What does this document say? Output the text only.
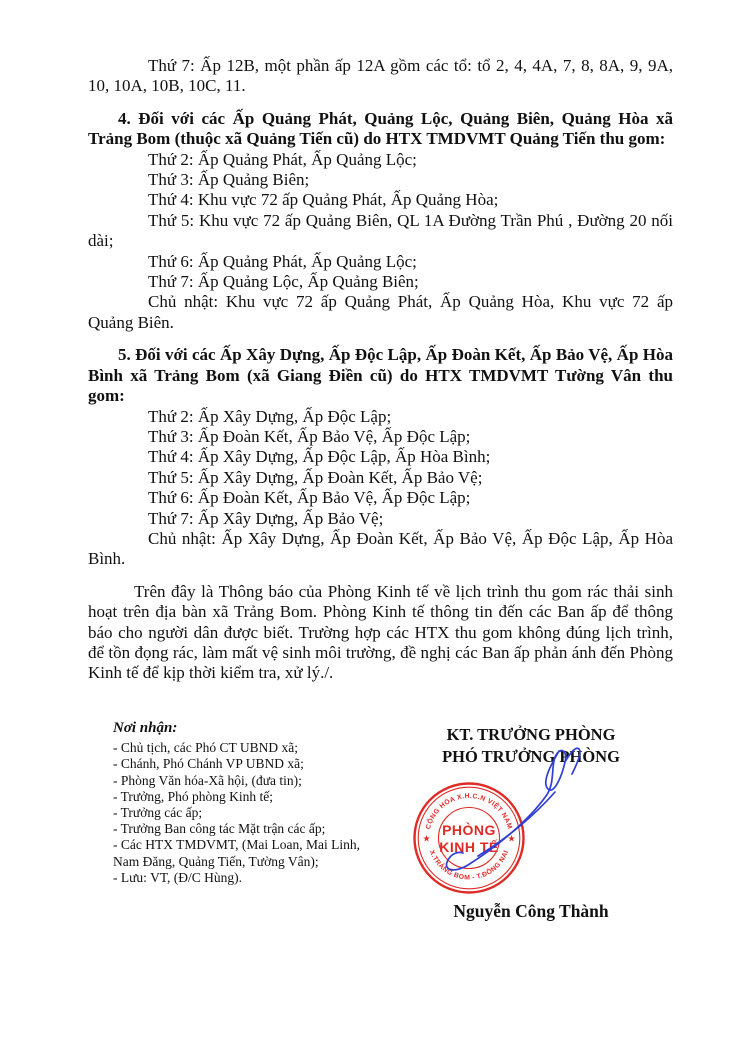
Thứ 7: Ấp 12B, một phần ấp 12A gồm các tổ: tổ 2, 4, 4A, 7, 8, 8A, 9, 9A, 10, 10A, 10B, 10C, 11.

4. Đối với các Ấp Quảng Phát, Quảng Lộc, Quảng Biên, Quảng Hòa xã Trảng Bom (thuộc xã Quảng Tiến cũ) do HTX TMDVMT Quảng Tiến thu gom:

Thứ 2: Ấp Quảng Phát, Ấp Quảng Lộc;

Thứ 3: Ấp Quảng Biên;

Thứ 4: Khu vực 72 ấp Quảng Phát, Ấp Quảng Hòa;

Thứ 5: Khu vực 72 ấp Quảng Biên, QL 1A Đường Trần Phú , Đường 20 nối dài;

Thứ 6: Ấp Quảng Phát, Ấp Quảng Lộc;

Thứ 7: Ấp Quảng Lộc, Ấp Quảng Biên;

Chủ nhật: Khu vực 72 ấp Quảng Phát, Ấp Quảng Hòa, Khu vực 72 ấp Quảng Biên.

5. Đối với các Ấp Xây Dựng, Ấp Độc Lập, Ấp Đoàn Kết, Ấp Bảo Vệ, Ấp Hòa Bình xã Trảng Bom (xã Giang Điền cũ) do HTX TMDVMT Tường Vân thu gom:

Thứ 2: Ấp Xây Dựng, Ấp Độc Lập;

Thứ 3: Ấp Đoàn Kết, Ấp Bảo Vệ, Ấp Độc Lập;

Thứ 4: Ấp Xây Dựng, Ấp Độc Lập, Ấp Hòa Bình;

Thứ 5: Ấp Xây Dựng, Ấp Đoàn Kết, Ấp Bảo Vệ;

Thứ 6: Ấp Đoàn Kết, Ấp Bảo Vệ, Ấp Độc Lập;

Thứ 7: Ấp Xây Dựng, Ấp Bảo Vệ;

Chủ nhật: Ấp Xây Dựng, Ấp Đoàn Kết, Ấp Bảo Vệ, Ấp Độc Lập, Ấp Hòa Bình.

Trên đây là Thông báo của Phòng Kinh tế về lịch trình thu gom rác thải sinh hoạt trên địa bàn xã Trảng Bom. Phòng Kinh tế thông tin đến các Ban ấp để thông báo cho người dân được biết. Trường hợp các HTX thu gom không đúng lịch trình, để tồn đọng rác, làm mất vệ sinh môi trường, đề nghị các Ban ấp phản ánh đến Phòng Kinh tế để kịp thời kiểm tra, xử lý./.

Nơi nhận:
- Chủ tịch, các Phó CT UBND xã;
- Chánh, Phó Chánh VP UBND xã;
- Phòng Văn hóa-Xã hội, (đưa tin);
- Trưởng, Phó phòng Kinh tế;
- Trưởng các ấp;
- Trưởng Ban công tác Mặt trận các ấp;
- Các HTX TMDVMT, (Mai Loan, Mai Linh,
Nam Đăng, Quảng Tiến, Tường Vân);
- Lưu: VT, (Đ/C Hùng).
KT. TRƯỞNG PHÒNG
PHÓ TRƯỞNG PHÒNG
CỘNG HÒA X.H.C.N VIỆT NAM
X.TRẢNG BOM - T.ĐỒNG NAI
★	★
PHÒNG
KINH TẾ
Nguyễn Công Thành
